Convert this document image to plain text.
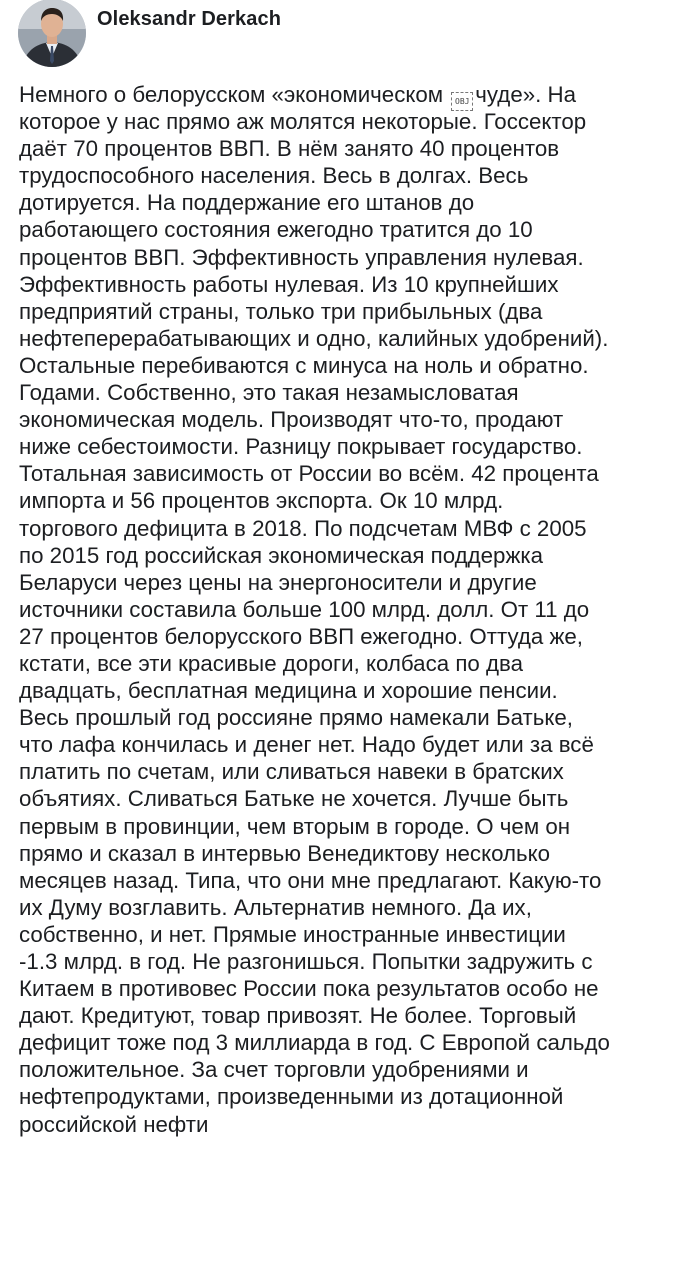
Oleksandr Derkach
Немного о белорусском «экономическом OBJ чуде». На
которое у нас прямо аж молятся некоторые. Госсектор
даёт 70 процентов ВВП. В нём занято 40 процентов
трудоспособного населения. Весь в долгах. Весь
дотируется. На поддержание его штанов до
работающего состояния ежегодно тратится до 10
процентов ВВП. Эффективность управления нулевая.
Эффективность работы нулевая. Из 10 крупнейших
предприятий страны, только три прибыльных (два
нефтеперерабатывающих и одно, калийных удобрений).
Остальные перебиваются с минуса на ноль и обратно.
Годами. Собственно, это такая незамысловатая
экономическая модель. Производят что-то, продают
ниже себестоимости. Разницу покрывает государство.
Тотальная зависимость от России во всём. 42 процента
импорта и 56 процентов экспорта. Ок 10 млрд.
торгового дефицита в 2018. По подсчетам МВФ с 2005
по 2015 год российская экономическая поддержка
Беларуси через цены на энергоносители и другие
источники составила больше 100 млрд. долл. От 11 до
27 процентов белорусского ВВП ежегодно. Оттуда же,
кстати, все эти красивые дороги, колбаса по два
двадцать, бесплатная медицина и хорошие пенсии.
Весь прошлый год россияне прямо намекали Батьке,
что лафа кончилась и денег нет. Надо будет или за всё
платить по счетам, или сливаться навеки в братских
объятиях. Сливаться Батьке не хочется. Лучше быть
первым в провинции, чем вторым в городе. О чем он
прямо и сказал в интервью Венедиктову несколько
месяцев назад. Типа, что они мне предлагают. Какую-то
их Думу возглавить. Альтернатив немного. Да их,
собственно, и нет. Прямые иностранные инвестиции
-1.3 млрд. в год. Не разгонишься. Попытки задружить с
Китаем в противовес России пока результатов особо не
дают. Кредитуют, товар привозят. Не более. Торговый
дефицит тоже под 3 миллиарда в год. С Европой сальдо
положительное. За счет торговли удобрениями и
нефтепродуктами, произведенными из дотационной
российской нефти
